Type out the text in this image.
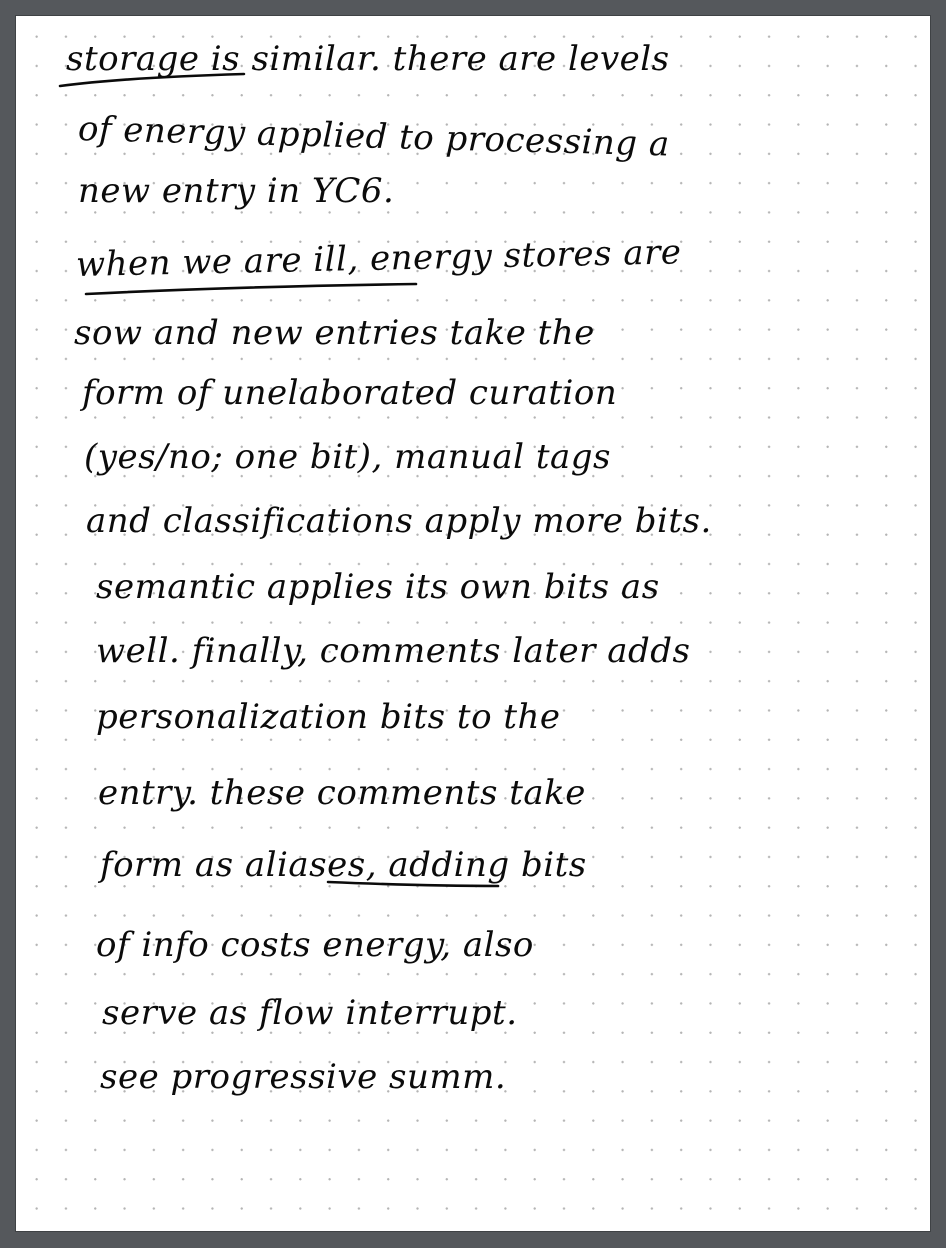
storage is similar. there are levels
of energy applied to processing a
new entry in YC6.
when we are ill, energy stores are
sow and new entries take the
form of unelaborated curation
(yes/no; one bit), manual tags
and classifications apply more bits.
semantic applies its own bits as
well. finally, comments later adds
personalization bits to the
entry. these comments take
form as aliases, adding bits
of info costs energy, also
serve as flow interrupt.
see progressive summ.
